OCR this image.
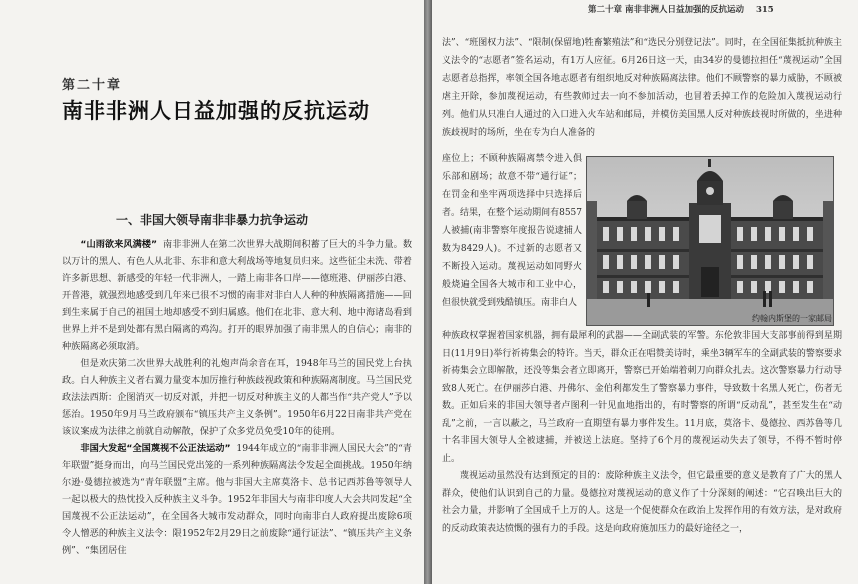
第二十章
南非非洲人日益加强的反抗运动
一、非国大领导南非非暴力抗争运动

“山雨欲来风满楼” 南非非洲人在第二次世界大战期间积蓄了巨大的斗争力量。数以万计的黑人、有色人从北非、东非和意大利战场等地复员归来。这些征尘未洗、带着许多新思想、新感受的年轻一代非洲人，一踏上南非各口岸——德班港、伊丽莎白港、开普港，就强烈地感受到几年来已很不习惯的南非对非白人人种的种族隔离措施——回到生来属于自己的祖国土地却感受不到归属感。他们在北非、意大利、地中海诸岛看到世界上并不是到处都有黑白隔离的鸡沟。打开的眼界加强了南非黑人的自信心；南非的种族隔离必须取消。

但是欢庆第二次世界大战胜利的礼炮声尚余音在耳，1948年马兰的国民党上台执政。白人种族主义者右翼力量变本加厉推行种族歧视政策和种族隔离制度。马兰国民党政法法西斯：企图消灭一切反对派，并把一切反对种族主义的人都当作“共产党人”予以惩治。1950年9月马兰政府颁布“镇压共产主义条例”。1950年6月22日南非共产党在该议案成为法律之前就自动解散，保护了众多党员免受10年的徒刑。

非国大发起“全国蔑视不公正法运动” 1944年成立的“南非非洲人国民大会”的“青年联盟”挺身而出，向马兰国民党出笼的一系列种族隔离法令发起全面挑战。1950年纳尔逊·曼德拉被选为“青年联盟”主席。他与非国大主席莫洛卡、总书记西苏鲁等领导人一起以极大的热忱投入反种族主义斗争。1952年非国大与南非印度人大会共同发起“全国蔑视不公正法运动”，在全国各大城市发动群众，同时向南非白人政府提出废除6项令人憎恶的种族主义法令：限1952年2月29日之前废除“通行证法”、“镇压共产主义条例”、“集团居住

第二十章 南非非洲人日益加强的反抗运动 315

法”、“班图权力法”、“限制(保留地)牲畜繁殖法”和“选民分别登记法”。同时，在全国征集抵抗种族主义法令的“志愿者”签名运动，有1万人应征。6月26日这一天，由34岁的曼德拉担任“蔑视运动”全国志愿者总指挥，率领全国各地志愿者有组织地反对种族隔离法律。他们不顾警察的暴力威胁，不顾被虐主开除，参加蔑视运动，有些教师过去一向不参加活动，也冒着丢掉工作的危险加入蔑视运动行列。他们从只准白人通过的入口进入火车站和邮局，并模仿美国黑人反对种族歧视时所做的，坐进种族歧视时的场所，坐在专为白人准备的

座位上；不顾种族隔离禁令进入俱乐部和剧场；故意不带“通行证”；在罚金和坐牢两项选择中只选择后者。结果，在整个运动期间有8557人被捕(南非警察年度报告说逮捕人数为8429人)。不过新的志愿者又不断投入运动。蔑视运动如同野火般烧遍全国各大城市和工业中心，但很快就受到残酷镇压。南非白人

约翰内斯堡的一家邮局

种族政权掌握着国家机器，拥有最犀利的武器——全副武装的军警。东伦敦非国大支部事前得到星期日(11月9日)举行祈祷集会的特许。当天，群众正在唱赞美诗时，乘坐3辆军车的全副武装的警察要求祈祷集会立即解散，还没等集会者立即离开，警察已开始端着刺刀向群众扎去。这次警察暴力行动导致8人死亡。在伊丽莎白港、丹佛尔、金伯利都发生了警察暴力事件，导致数十名黑人死亡，伤者无数。正如后来的非国大领导者卢图利一针见血地指出的，有时警察的所谓“反动乱”，甚至发生在“动乱”之前，一言以蔽之，马兰政府一直期望有暴力事件发生。11月底，莫洛卡、曼德拉、西苏鲁等几十名非国大领导人全被逮捕，并被送上法庭。坚持了6个月的蔑视运动失去了领导，不得不暂时停止。

蔑视运动虽然没有达到预定的目的：废除种族主义法令，但它最重要的意义是教育了广大的黑人群众，使他们认识到自己的力量。曼德拉对蔑视运动的意义作了十分深刻的阐述：“它召唤出巨大的社会力量，并影响了全国成千上万的人。这是一个促使群众在政治上发挥作用的有效方法，是对政府的反动政策表达愤慨的强有力的手段。这是向政府施加压力的最好途径之一，
